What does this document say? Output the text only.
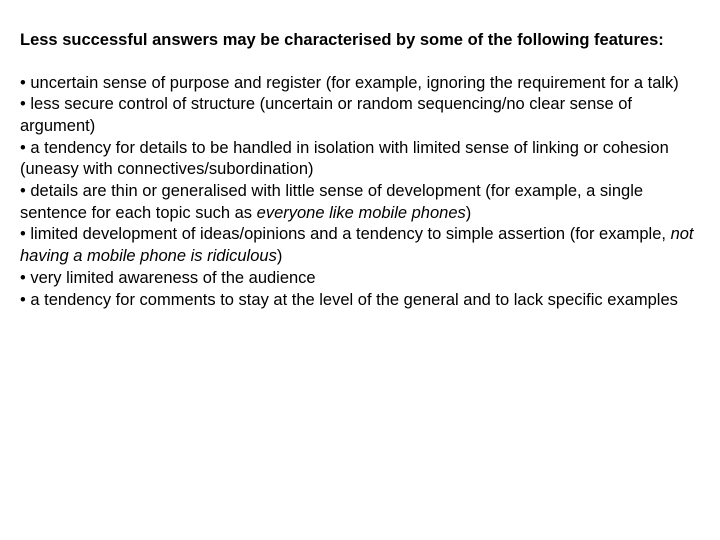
Less successful answers may be characterised by some of the following features:

• uncertain sense of purpose and register (for example, ignoring the requirement for a talk)
• less secure control of structure (uncertain or random sequencing/no clear sense of argument)
• a tendency for details to be handled in isolation with limited sense of linking or cohesion (uneasy with connectives/subordination)
• details are thin or generalised with little sense of development (for example, a single sentence for each topic such as everyone like mobile phones)
• limited development of ideas/opinions and a tendency to simple assertion (for example, not having a mobile phone is ridiculous)
• very limited awareness of the audience
• a tendency for comments to stay at the level of the general and to lack specific examples
